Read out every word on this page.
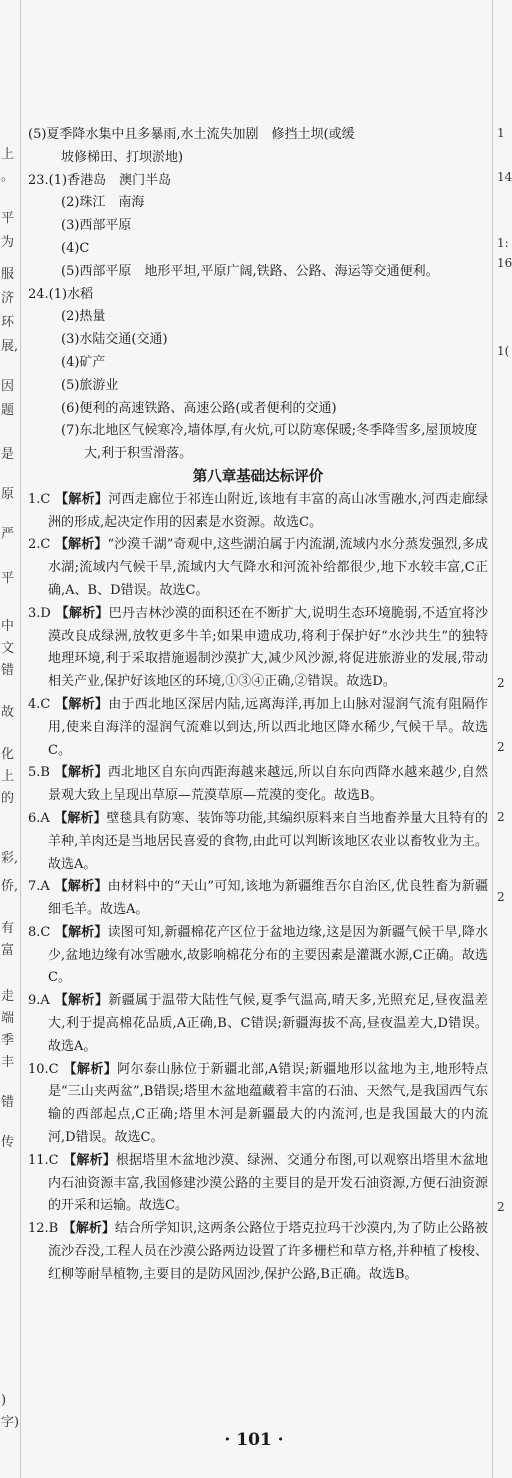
上
。
平
为
服
济
环
展,
因
题
是
原
严
平
中
文
错
故
化
上
的
彩,
侨,
有
富
走
端
季
丰
错
传
)
字)
1
14
1:
16
1(
2
2
2
2
2

(5)夏季降水集中且多暴雨,水土流失加剧　修挡土坝(或缓

坡修梯田、打坝淤地)

23.(1)香港岛　澳门半岛

(2)珠江　南海

(3)西部平原

(4)C

(5)西部平原　地形平坦,平原广阔,铁路、公路、海运等交通便利。

24.(1)水稻

(2)热量

(3)水陆交通(交通)

(4)矿产

(5)旅游业

(6)便利的高速铁路、高速公路(或者便利的交通)

(7)东北地区气候寒冷,墙体厚,有火炕,可以防寒保暖;冬季降雪多,屋顶坡度大,利于积雪滑落。

第八章基础达标评价

1.C 【解析】河西走廊位于祁连山附近,该地有丰富的高山冰雪融水,河西走廊绿洲的形成,起决定作用的因素是水资源。故选C。

2.C 【解析】“沙漠千湖”奇观中,这些湖泊属于内流湖,流域内水分蒸发强烈,多成水湖;流域内气候干旱,流域内大气降水和河流补给都很少,地下水较丰富,C正确,A、B、D错误。故选C。

3.D 【解析】巴丹吉林沙漠的面积还在不断扩大,说明生态环境脆弱,不适宜将沙漠改良成绿洲,放牧更多牛羊;如果申遗成功,将利于保护好“水沙共生”的独特地理环境,利于采取措施遏制沙漠扩大,减少风沙源,将促进旅游业的发展,带动相关产业,保护好该地区的环境,①③④正确,②错误。故选D。

4.C 【解析】由于西北地区深居内陆,远离海洋,再加上山脉对湿润气流有阻隔作用,使来自海洋的湿润气流难以到达,所以西北地区降水稀少,气候干旱。故选C。

5.B 【解析】西北地区自东向西距海越来越远,所以自东向西降水越来越少,自然景观大致上呈现出草原—荒漠草原—荒漠的变化。故选B。

6.A 【解析】壁毯具有防寒、装饰等功能,其编织原料来自当地畜养量大且特有的羊种,羊肉还是当地居民喜爱的食物,由此可以判断该地区农业以畜牧业为主。故选A。

7.A 【解析】由材料中的“天山”可知,该地为新疆维吾尔自治区,优良牲畜为新疆细毛羊。故选A。

8.C 【解析】读图可知,新疆棉花产区位于盆地边缘,这是因为新疆气候干旱,降水少,盆地边缘有冰雪融水,故影响棉花分布的主要因素是灌溉水源,C正确。故选C。

9.A 【解析】新疆属于温带大陆性气候,夏季气温高,晴天多,光照充足,昼夜温差大,利于提高棉花品质,A正确,B、C错误;新疆海拔不高,昼夜温差大,D错误。故选A。

10.C 【解析】阿尔泰山脉位于新疆北部,A错误;新疆地形以盆地为主,地形特点是“三山夹两盆”,B错误;塔里木盆地蕴藏着丰富的石油、天然气,是我国西气东输的西部起点,C正确;塔里木河是新疆最大的内流河,也是我国最大的内流河,D错误。故选C。

11.C 【解析】根据塔里木盆地沙漠、绿洲、交通分布图,可以观察出塔里木盆地内石油资源丰富,我国修建沙漠公路的主要目的是开发石油资源,方便石油资源的开采和运输。故选C。

12.B 【解析】结合所学知识,这两条公路位于塔克拉玛干沙漠内,为了防止公路被流沙吞没,工程人员在沙漠公路两边设置了许多栅栏和草方格,并种植了梭梭、红柳等耐旱植物,主要目的是防风固沙,保护公路,B正确。故选B。

· 101 ·
